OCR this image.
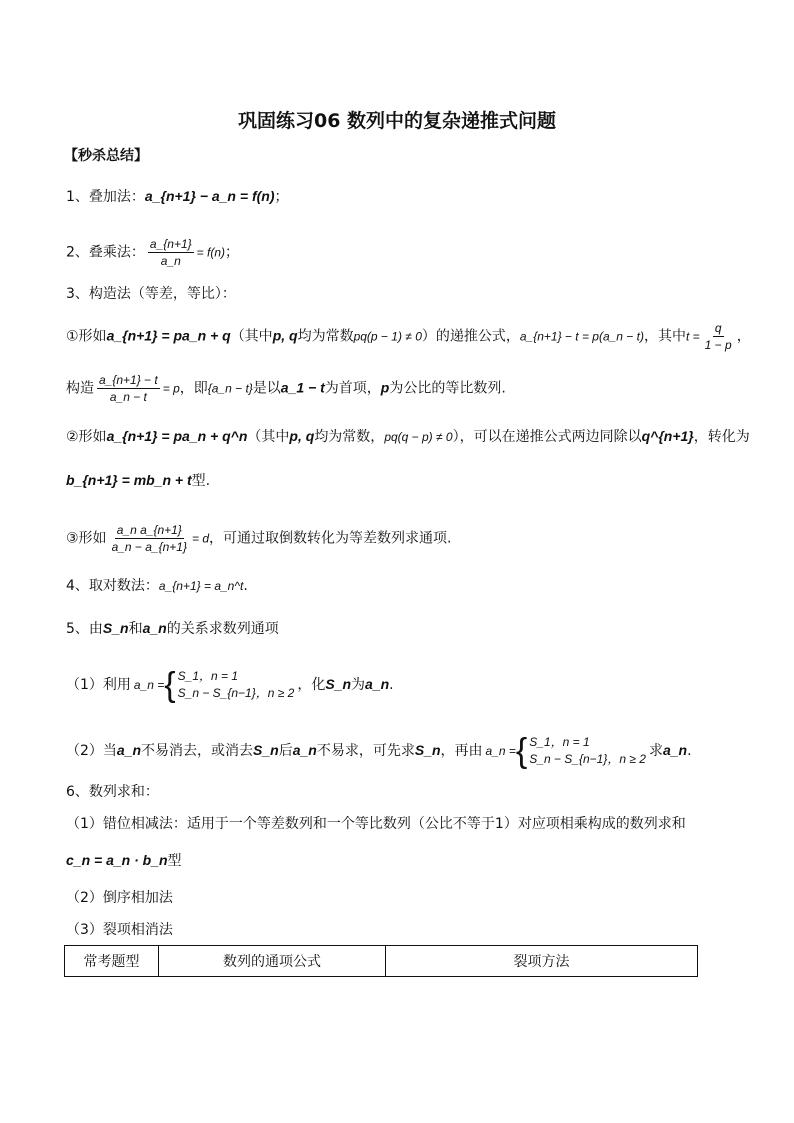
巩固练习06 数列中的复杂递推式问题
【秒杀总结】
1、叠加法：a_{n+1} − a_n = f(n)；
2、叠乘法： $\frac{a\_\{n+1\}}{a\_n} = f(n)$；
3、构造法（等差，等比）：
①形如a_{n+1} = pa_n + q（其中p, q均为常数pq(p − 1) ≠ 0）的递推公式，a_{n+1} − t = p(a_n − t)，其中$t = \frac{q}{1 - p}$ ，
构造 $\frac{a\_\{n+1\} - t}{a\_n - t} = p$，即{a_n − t}是以a_1 − t为首项，p为公比的等比数列.
②形如a_{n+1} = pa_n + q^n（其中p, q均为常数，pq(q − p) ≠ 0），可以在递推公式两边同除以q^{n+1}，转化为
b_{n+1} = mb_n + t型.
③形如 $\frac{\text{a\_n a\_\{n+1\}}}{a\_n - a\_\{n+1\}} = d$，可通过取倒数转化为等差数列求通项.
4、取对数法：a_{n+1} = a_n^t.
5、由S_n和a_n的关系求数列通项
（1）利用 a_n = { S_1，n = 1
S_n − S_{n−1}，n ≥ 2 ，化S_n为a_n.
（2）当a_n不易消去，或消去S_n后a_n不易求，可先求S_n，再由 a_n = { S_1，n = 1
S_n − S_{n−1}，n ≥ 2 求a_n.
6、数列求和：
（1）错位相减法：适用于一个等差数列和一个等比数列（公比不等于1）对应项相乘构成的数列求和
c_n = a_n · b_n型
（2）倒序相加法
（3）裂项相消法
常考题型	数列的通项公式	裂项方法
